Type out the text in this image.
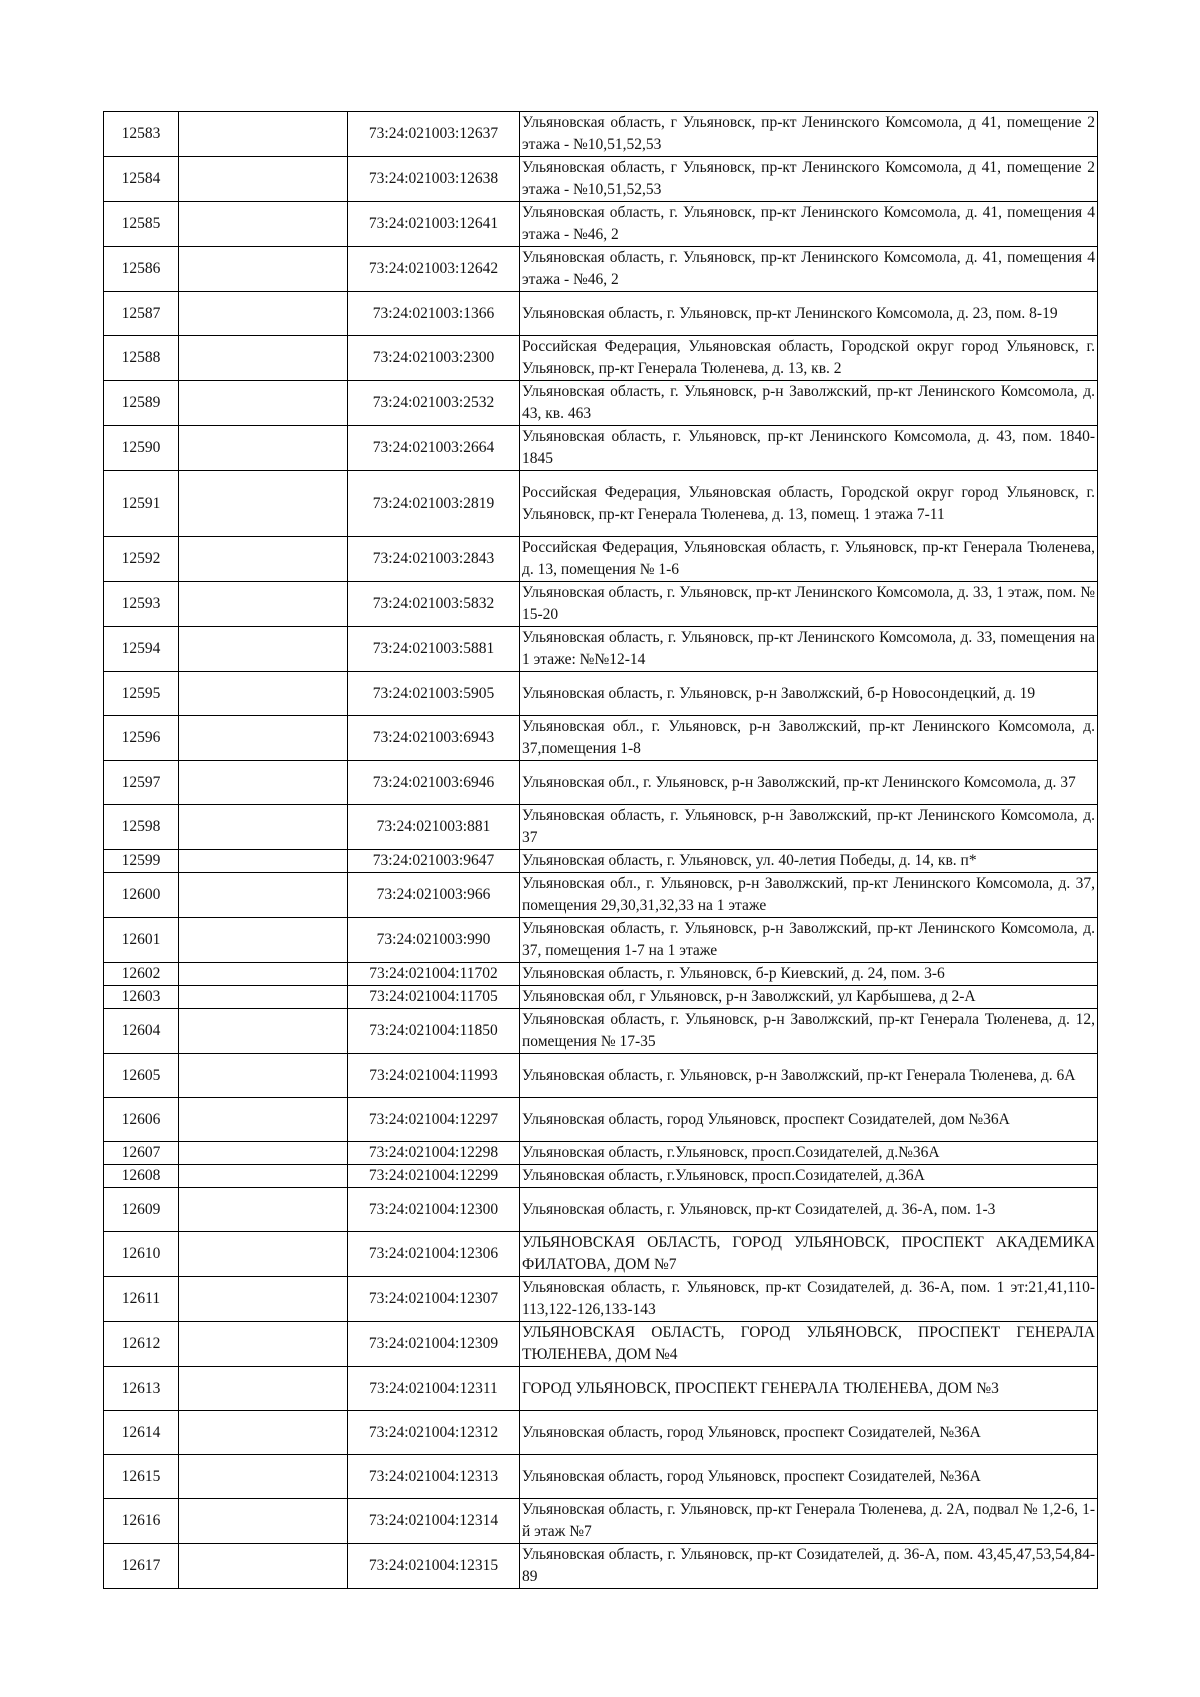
12583		73:24:021003:12637	Ульяновская область, г Ульяновск, пр-кт Ленинского Комсомола, д 41, помещение 2 этажа - №10,51,52,53
12584		73:24:021003:12638	Ульяновская область, г Ульяновск, пр-кт Ленинского Комсомола, д 41, помещение 2 этажа - №10,51,52,53
12585		73:24:021003:12641	Ульяновская область, г. Ульяновск, пр-кт Ленинского Комсомола, д. 41, помещения 4 этажа - №46, 2
12586		73:24:021003:12642	Ульяновская область, г. Ульяновск, пр-кт Ленинского Комсомола, д. 41, помещения 4 этажа - №46, 2
12587		73:24:021003:1366	Ульяновская область, г. Ульяновск, пр-кт Ленинского Комсомола, д. 23, пом. 8-19
12588		73:24:021003:2300	Российская Федерация, Ульяновская область, Городской округ город Ульяновск, г. Ульяновск, пр-кт Генерала Тюленева, д. 13, кв. 2
12589		73:24:021003:2532	Ульяновская область, г. Ульяновск, р-н Заволжский, пр-кт Ленинского Комсомола, д. 43, кв. 463
12590		73:24:021003:2664	Ульяновская область, г. Ульяновск, пр-кт Ленинского Комсомола, д. 43, пом. 1840-1845
12591		73:24:021003:2819	Российская Федерация, Ульяновская область, Городской округ город Ульяновск, г. Ульяновск, пр-кт Генерала Тюленева, д. 13, помещ. 1 этажа 7-11
12592		73:24:021003:2843	Российская Федерация, Ульяновская область, г. Ульяновск, пр-кт Генерала Тюленева, д. 13, помещения № 1-6
12593		73:24:021003:5832	Ульяновская область, г. Ульяновск, пр-кт Ленинского Комсомола, д. 33, 1 этаж, пом. № 15-20
12594		73:24:021003:5881	Ульяновская область, г. Ульяновск, пр-кт Ленинского Комсомола, д. 33, помещения на 1 этаже: №№12-14
12595		73:24:021003:5905	Ульяновская область, г. Ульяновск, р-н Заволжский, б-р Новосондецкий, д. 19
12596		73:24:021003:6943	Ульяновская обл., г. Ульяновск, р-н Заволжский, пр-кт Ленинского Комсомола, д. 37,помещения 1-8
12597		73:24:021003:6946	Ульяновская обл., г. Ульяновск, р-н Заволжский, пр-кт Ленинского Комсомола, д. 37
12598		73:24:021003:881	Ульяновская область, г. Ульяновск, р-н Заволжский, пр-кт Ленинского Комсомола, д. 37
12599		73:24:021003:9647	Ульяновская область, г. Ульяновск, ул. 40-летия Победы, д. 14, кв. п*
12600		73:24:021003:966	Ульяновская обл., г. Ульяновск, р-н Заволжский, пр-кт Ленинского Комсомола, д. 37, помещения 29,30,31,32,33 на 1 этаже
12601		73:24:021003:990	Ульяновская область, г. Ульяновск, р-н Заволжский, пр-кт Ленинского Комсомола, д. 37, помещения 1-7 на 1 этаже
12602		73:24:021004:11702	Ульяновская область, г. Ульяновск, б-р Киевский, д. 24, пом. 3-6
12603		73:24:021004:11705	Ульяновская обл, г Ульяновск, р-н Заволжский, ул Карбышева, д 2-А
12604		73:24:021004:11850	Ульяновская область, г. Ульяновск, р-н Заволжский, пр-кт Генерала Тюленева, д. 12, помещения № 17-35
12605		73:24:021004:11993	Ульяновская область, г. Ульяновск, р-н Заволжский, пр-кт Генерала Тюленева, д. 6А
12606		73:24:021004:12297	Ульяновская область, город Ульяновск, проспект Созидателей, дом №36А
12607		73:24:021004:12298	Ульяновская область, г.Ульяновск, просп.Созидателей, д.№36А
12608		73:24:021004:12299	Ульяновская область, г.Ульяновск, просп.Созидателей, д.36А
12609		73:24:021004:12300	Ульяновская область, г. Ульяновск, пр-кт Созидателей, д. 36-А, пом. 1-3
12610		73:24:021004:12306	УЛЬЯНОВСКАЯ ОБЛАСТЬ, ГОРОД УЛЬЯНОВСК, ПРОСПЕКТ АКАДЕМИКА ФИЛАТОВА, ДОМ №7
12611		73:24:021004:12307	Ульяновская область, г. Ульяновск, пр-кт Созидателей, д. 36-А, пом. 1 эт:21,41,110-113,122-126,133-143
12612		73:24:021004:12309	УЛЬЯНОВСКАЯ ОБЛАСТЬ, ГОРОД УЛЬЯНОВСК, ПРОСПЕКТ ГЕНЕРАЛА ТЮЛЕНЕВА, ДОМ №4
12613		73:24:021004:12311	ГОРОД УЛЬЯНОВСК, ПРОСПЕКТ ГЕНЕРАЛА ТЮЛЕНЕВА, ДОМ №3
12614		73:24:021004:12312	Ульяновская область, город Ульяновск, проспект Созидателей, №36А
12615		73:24:021004:12313	Ульяновская область, город Ульяновск, проспект Созидателей, №36А
12616		73:24:021004:12314	Ульяновская область, г. Ульяновск, пр-кт Генерала Тюленева, д. 2А, подвал № 1,2-6, 1-й этаж №7
12617		73:24:021004:12315	Ульяновская область, г. Ульяновск, пр-кт Созидателей, д. 36-А, пом. 43,45,47,53,54,84-89
